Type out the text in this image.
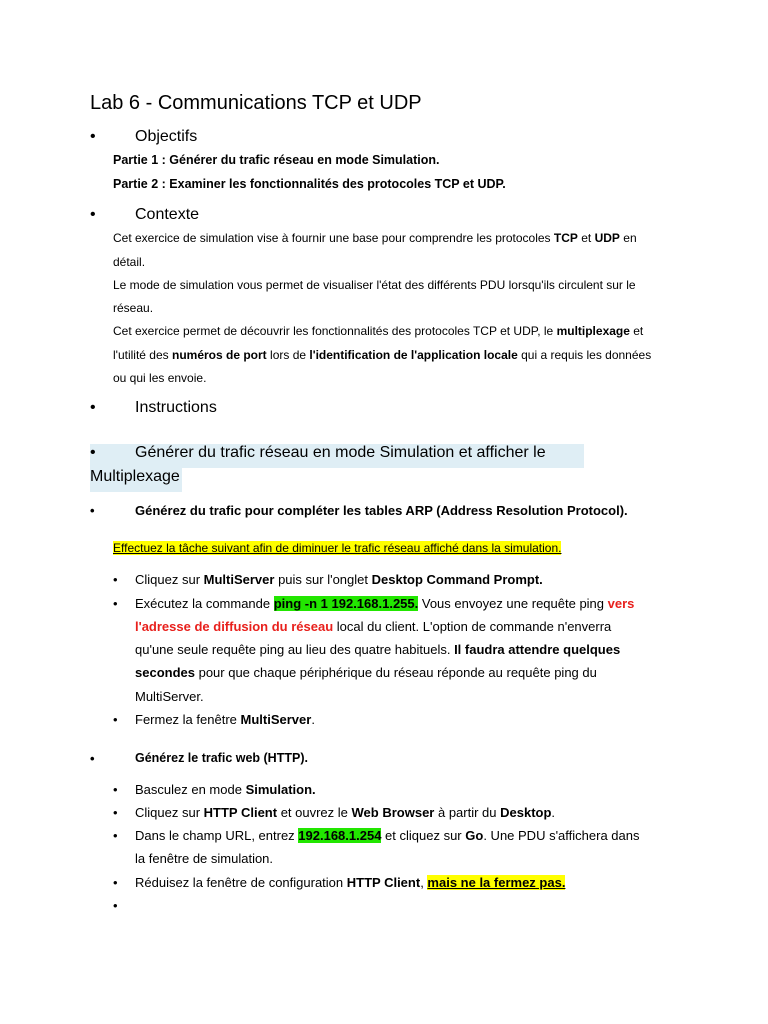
Lab 6 - Communications TCP et UDP
• Objectifs
Partie 1 : Générer du trafic réseau en mode Simulation.
Partie 2 : Examiner les fonctionnalités des protocoles TCP et UDP.
• Contexte
Cet exercice de simulation vise à fournir une base pour comprendre les protocoles TCP et UDP en
détail.
Le mode de simulation vous permet de visualiser l'état des différents PDU lorsqu'ils circulent sur le
réseau.
Cet exercice permet de découvrir les fonctionnalités des protocoles TCP et UDP, le multiplexage et
l'utilité des numéros de port lors de l'identification de l'application locale qui a requis les données
ou qui les envoie.
• Instructions
• Générer du trafic réseau en mode Simulation et afficher le
Multiplexage
•	Générez du trafic pour compléter les tables ARP (Address Resolution Protocol).
Effectuez la tâche suivant afin de diminuer le trafic réseau affiché dans la simulation.
• Cliquez sur MultiServer puis sur l'onglet Desktop Command Prompt.
• Exécutez la commande ping -n 1 192.168.1.255. Vous envoyez une requête ping vers
l'adresse de diffusion du réseau local du client. L'option de commande n'enverra
qu'une seule requête ping au lieu des quatre habituels. Il faudra attendre quelques
secondes pour que chaque périphérique du réseau réponde au requête ping du
MultiServer.
• Fermez la fenêtre MultiServer.
•	Générez le trafic web (HTTP).
• Basculez en mode Simulation.
• Cliquez sur HTTP Client et ouvrez le Web Browser à partir du Desktop.
• Dans le champ URL, entrez 192.168.1.254 et cliquez sur Go. Une PDU s'affichera dans
la fenêtre de simulation.
• Réduisez la fenêtre de configuration HTTP Client, mais ne la fermez pas.
•
